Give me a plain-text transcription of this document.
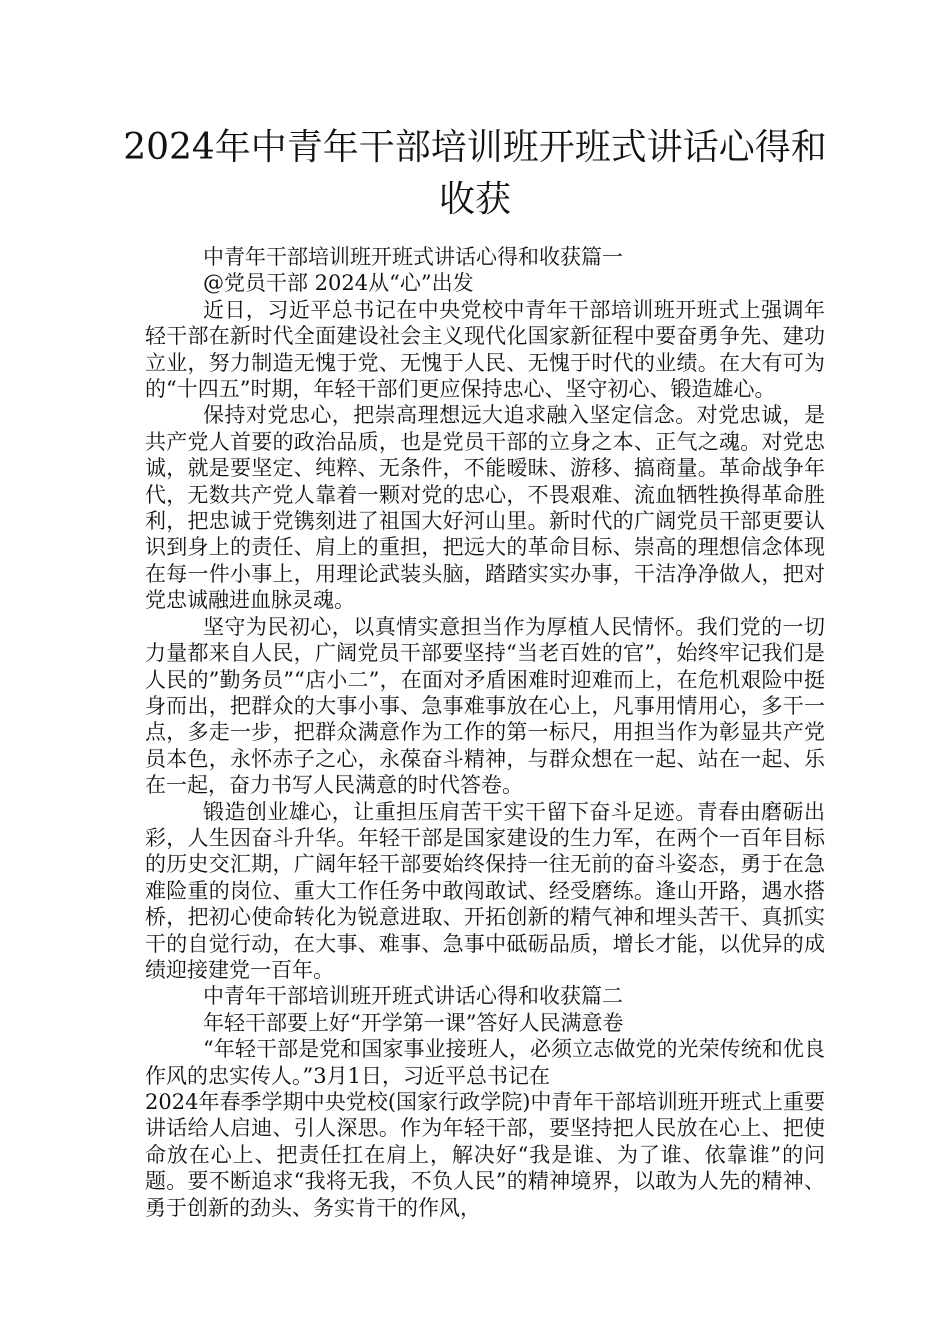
2024年中青年干部培训班开班式讲话心得和收获

中青年干部培训班开班式讲话心得和收获篇一

@党员干部 2024从“心”出发

近日，习近平总书记在中央党校中青年干部培训班开班式上强调年轻干部在新时代全面建设社会主义现代化国家新征程中要奋勇争先、建功立业，努力制造无愧于党、无愧于人民、无愧于时代的业绩。在大有可为的“十四五”时期，年轻干部们更应保持忠心、坚守初心、锻造雄心。

保持对党忠心，把崇高理想远大追求融入坚定信念。对党忠诚，是共产党人首要的政治品质，也是党员干部的立身之本、正气之魂。对党忠诚，就是要坚定、纯粹、无条件，不能暧昧、游移、搞商量。革命战争年代，无数共产党人靠着一颗对党的忠心，不畏艰难、流血牺牲换得革命胜利，把忠诚于党镌刻进了祖国大好河山里。新时代的广阔党员干部更要认识到身上的责任、肩上的重担，把远大的革命目标、崇高的理想信念体现在每一件小事上，用理论武装头脑，踏踏实实办事，干洁净净做人，把对党忠诚融进血脉灵魂。

坚守为民初心，以真情实意担当作为厚植人民情怀。我们党的一切力量都来自人民，广阔党员干部要坚持“当老百姓的官”，始终牢记我们是人民的”勤务员”“店小二”，在面对矛盾困难时迎难而上，在危机艰险中挺身而出，把群众的大事小事、急事难事放在心上，凡事用情用心，多干一点，多走一步，把群众满意作为工作的第一标尺，用担当作为彰显共产党员本色，永怀赤子之心，永葆奋斗精神，与群众想在一起、站在一起、乐在一起，奋力书写人民满意的时代答卷。

锻造创业雄心，让重担压肩苦干实干留下奋斗足迹。青春由磨砺出彩，人生因奋斗升华。年轻干部是国家建设的生力军，在两个一百年目标的历史交汇期，广阔年轻干部要始终保持一往无前的奋斗姿态，勇于在急难险重的岗位、重大工作任务中敢闯敢试、经受磨练。逢山开路，遇水搭桥，把初心使命转化为锐意进取、开拓创新的精气神和埋头苦干、真抓实干的自觉行动，在大事、难事、急事中砥砺品质，增长才能，以优异的成绩迎接建党一百年。

中青年干部培训班开班式讲话心得和收获篇二

年轻干部要上好“开学第一课”答好人民满意卷

“年轻干部是党和国家事业接班人，必须立志做党的光荣传统和优良作风的忠实传人。”3月1日，习近平总书记在

2024年春季学期中央党校(国家行政学院)中青年干部培训班开班式上重要讲话给人启迪、引人深思。作为年轻干部，要坚持把人民放在心上、把使命放在心上、把责任扛在肩上，解决好“我是谁、为了谁、依靠谁”的问题。要不断追求“我将无我，不负人民”的精神境界，以敢为人先的精神、勇于创新的劲头、务实肯干的作风，
